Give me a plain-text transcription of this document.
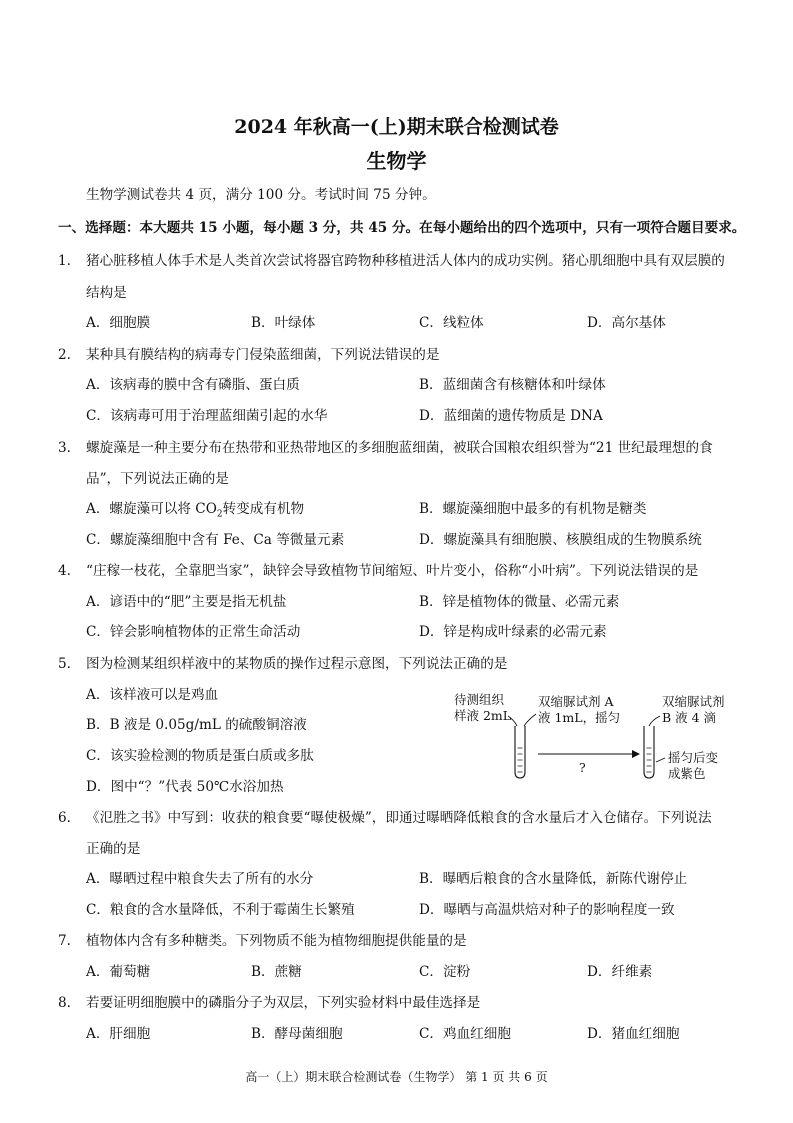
2024 年秋高一(上)期末联合检测试卷
生物学
生物学测试卷共 4 页，满分 100 分。考试时间 75 分钟。
一、选择题：本大题共 15 小题，每小题 3 分，共 45 分。在每小题给出的四个选项中，只有一项符合题目要求。
1. 猪心脏移植人体手术是人类首次尝试将器官跨物种移植进活人体内的成功实例。猪心肌细胞中具有双层膜的
结构是
A．细胞膜	B．叶绿体	C．线粒体	D．高尔基体
2. 某种具有膜结构的病毒专门侵染蓝细菌，下列说法错误的是
A．该病毒的膜中含有磷脂、蛋白质	B．蓝细菌含有核糖体和叶绿体
C．该病毒可用于治理蓝细菌引起的水华	D．蓝细菌的遗传物质是 DNA
3. 螺旋藻是一种主要分布在热带和亚热带地区的多细胞蓝细菌，被联合国粮农组织誉为“21 世纪最理想的食
品”，下列说法正确的是
A．螺旋藻可以将 $CO_2$转变成有机物	B．螺旋藻细胞中最多的有机物是糖类
C．螺旋藻细胞中含有 Fe、Ca 等微量元素	D．螺旋藻具有细胞膜、核膜组成的生物膜系统
4. “庄稼一枝花，全靠肥当家”，缺锌会导致植物节间缩短、叶片变小，俗称“小叶病”。下列说法错误的是
A．谚语中的“肥”主要是指无机盐	B．锌是植物体的微量、必需元素
C．锌会影响植物体的正常生命活动	D．锌是构成叶绿素的必需元素
5. 图为检测某组织样液中的某物质的操作过程示意图，下列说法正确的是
A．该样液可以是鸡血
B．B 液是 0.05g/mL 的硫酸铜溶液
C．该实验检测的物质是蛋白质或多肽
D．图中“？”代表 50℃水浴加热
待测组织
样液 2mL
双缩脲试剂 A
液 1mL，摇匀
双缩脲试剂
B 液 4 滴
?
摇匀后变
成紫色
6. 《氾胜之书》中写到：收获的粮食要“曝使极燥”，即通过曝晒降低粮食的含水量后才入仓储存。下列说法
正确的是
A．曝晒过程中粮食失去了所有的水分	B．曝晒后粮食的含水量降低，新陈代谢停止
C．粮食的含水量降低，不利于霉菌生长繁殖	D．曝晒与高温烘焙对种子的影响程度一致
7. 植物体内含有多种糖类。下列物质不能为植物细胞提供能量的是
A．葡萄糖	B．蔗糖	C．淀粉	D．纤维素
8. 若要证明细胞膜中的磷脂分子为双层，下列实验材料中最佳选择是
A．肝细胞	B．酵母菌细胞	C．鸡血红细胞	D．猪血红细胞
高一（上）期末联合检测试卷（生物学） 第 1 页 共 6 页
